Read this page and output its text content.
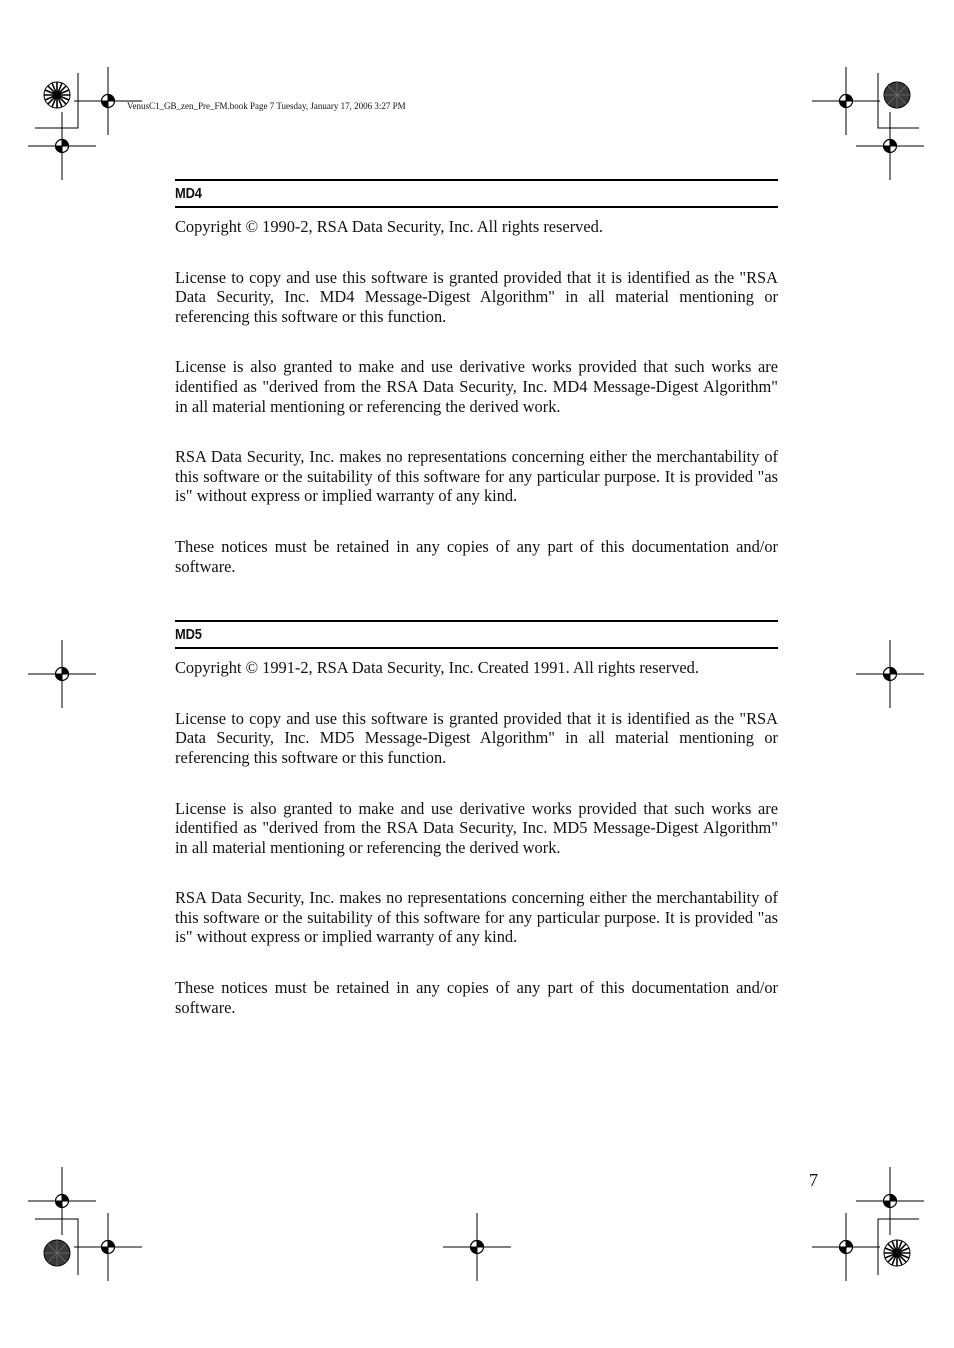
VenusC1_GB_zen_Pre_FM.book Page 7 Tuesday, January 17, 2006 3:27 PM
MD4

Copyright © 1990-2, RSA Data Security, Inc. All rights reserved.

License to copy and use this software is granted provided that it is identified as the "RSA Data Security, Inc. MD4 Message-Digest Algorithm" in all material mentioning or referencing this software or this function.

License is also granted to make and use derivative works provided that such works are identified as "derived from the RSA Data Security, Inc. MD4 Message-Digest Algorithm" in all material mentioning or referencing the derived work.

RSA Data Security, Inc. makes no representations concerning either the merchantability of this software or the suitability of this software for any particular purpose. It is provided "as is" without express or implied warranty of any kind.

These notices must be retained in any copies of any part of this documentation and/or software.

MD5

Copyright © 1991-2, RSA Data Security, Inc. Created 1991. All rights reserved.

License to copy and use this software is granted provided that it is identified as the "RSA Data Security, Inc. MD5 Message-Digest Algorithm" in all material mentioning or referencing this software or this function.

License is also granted to make and use derivative works provided that such works are identified as "derived from the RSA Data Security, Inc. MD5 Message-Digest Algorithm" in all material mentioning or referencing the derived work.

RSA Data Security, Inc. makes no representations concerning either the merchantability of this software or the suitability of this software for any particular purpose. It is provided "as is" without express or implied warranty of any kind.

These notices must be retained in any copies of any part of this documentation and/or software.

7
